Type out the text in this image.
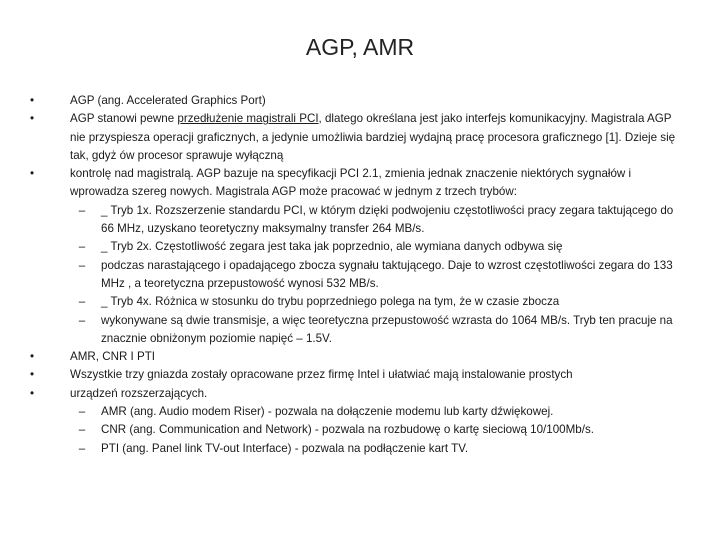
AGP, AMR
•	AGP (ang. Accelerated Graphics Port)
•	AGP stanowi pewne przedłużenie magistrali PCI, dlatego określana jest jako interfejs komunikacyjny. Magistrala AGP nie przyspiesza operacji graficznych, a jedynie umożliwia bardziej wydajną pracę procesora graficznego [1]. Dzieje się tak, gdyż ów procesor sprawuje wyłączną
•	kontrolę nad magistralą. AGP bazuje na specyfikacji PCI 2.1, zmienia jednak znaczenie niektórych sygnałów i wprowadza szereg nowych. Magistrala AGP może pracować w jednym z trzech trybów:
–	_ Tryb 1x. Rozszerzenie standardu PCI, w którym dzięki podwojeniu częstotliwości pracy zegara taktującego do 66 MHz, uzyskano teoretyczny maksymalny transfer 264 MB/s.
–	_ Tryb 2x. Częstotliwość zegara jest taka jak poprzednio, ale wymiana danych odbywa się
–	podczas narastającego i opadającego zbocza sygnału taktującego. Daje to wzrost częstotliwości zegara do 133 MHz , a teoretyczna przepustowość wynosi 532 MB/s.
–	_ Tryb 4x. Różnica w stosunku do trybu poprzedniego polega na tym, że w czasie zbocza
–	wykonywane są dwie transmisje, a więc teoretyczna przepustowość wzrasta do 1064 MB/s. Tryb ten pracuje na znacznie obniżonym poziomie napięć – 1.5V.
•	AMR, CNR I PTI
•	Wszystkie trzy gniazda zostały opracowane przez firmę Intel i ułatwiać mają instalowanie prostych
•	urządzeń rozszerzających.
–	AMR (ang. Audio modem Riser) - pozwala na dołączenie modemu lub karty dźwiękowej.
–	CNR (ang. Communication and Network) - pozwala na rozbudowę o kartę sieciową 10/100Mb/s.
–	PTI (ang. Panel link TV-out Interface) - pozwala na podłączenie kart TV.
